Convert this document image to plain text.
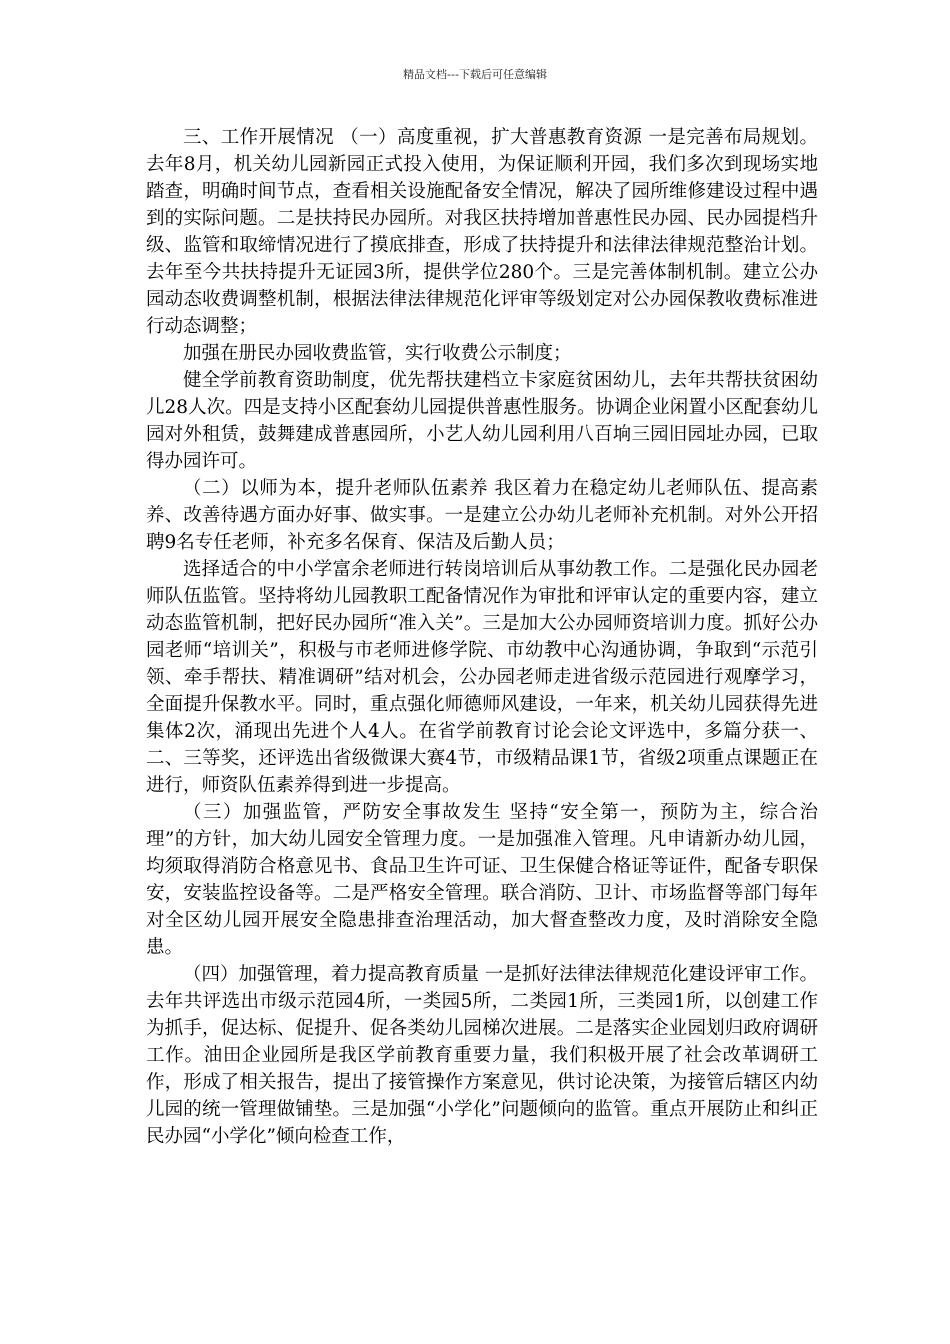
精品文档---下载后可任意编辑

三、工作开展情况 （一）高度重视，扩大普惠教育资源 一是完善布局规划。去年8月，机关幼儿园新园正式投入使用，为保证顺利开园，我们多次到现场实地踏查，明确时间节点，查看相关设施配备安全情况，解决了园所维修建设过程中遇到的实际问题。二是扶持民办园所。对我区扶持增加普惠性民办园、民办园提档升级、监管和取缔情况进行了摸底排查，形成了扶持提升和法律法律规范整治计划。去年至今共扶持提升无证园3所，提供学位280个。三是完善体制机制。建立公办园动态收费调整机制，根据法律法律规范化评审等级划定对公办园保教收费标准进行动态调整；

加强在册民办园收费监管，实行收费公示制度；

健全学前教育资助制度，优先帮扶建档立卡家庭贫困幼儿，去年共帮扶贫困幼儿28人次。四是支持小区配套幼儿园提供普惠性服务。协调企业闲置小区配套幼儿园对外租赁，鼓舞建成普惠园所，小艺人幼儿园利用八百垧三园旧园址办园，已取得办园许可。

（二）以师为本，提升老师队伍素养 我区着力在稳定幼儿老师队伍、提高素养、改善待遇方面办好事、做实事。一是建立公办幼儿老师补充机制。对外公开招聘9名专任老师，补充多名保育、保洁及后勤人员；

选择适合的中小学富余老师进行转岗培训后从事幼教工作。二是强化民办园老师队伍监管。坚持将幼儿园教职工配备情况作为审批和评审认定的重要内容，建立动态监管机制，把好民办园所“准入关”。三是加大公办园师资培训力度。抓好公办园老师“培训关”，积极与市老师进修学院、市幼教中心沟通协调，争取到“示范引领、牵手帮扶、精准调研”结对机会，公办园老师走进省级示范园进行观摩学习，全面提升保教水平。同时，重点强化师德师风建设，一年来，机关幼儿园获得先进集体2次，涌现出先进个人4人。在省学前教育讨论会论文评选中，多篇分获一、二、三等奖，还评选出省级微课大赛4节，市级精品课1节，省级2项重点课题正在进行，师资队伍素养得到进一步提高。

（三）加强监管，严防安全事故发生 坚持“安全第一，预防为主，综合治理”的方针，加大幼儿园安全管理力度。一是加强准入管理。凡申请新办幼儿园，均须取得消防合格意见书、食品卫生许可证、卫生保健合格证等证件，配备专职保安，安装监控设备等。二是严格安全管理。联合消防、卫计、市场监督等部门每年对全区幼儿园开展安全隐患排查治理活动，加大督查整改力度，及时消除安全隐患。

（四）加强管理，着力提高教育质量 一是抓好法律法律规范化建设评审工作。去年共评选出市级示范园4所，一类园5所，二类园1所，三类园1所，以创建工作为抓手，促达标、促提升、促各类幼儿园梯次进展。二是落实企业园划归政府调研工作。油田企业园所是我区学前教育重要力量，我们积极开展了社会改革调研工作，形成了相关报告，提出了接管操作方案意见，供讨论决策，为接管后辖区内幼儿园的统一管理做铺垫。三是加强“小学化”问题倾向的监管。重点开展防止和纠正民办园“小学化”倾向检查工作，
